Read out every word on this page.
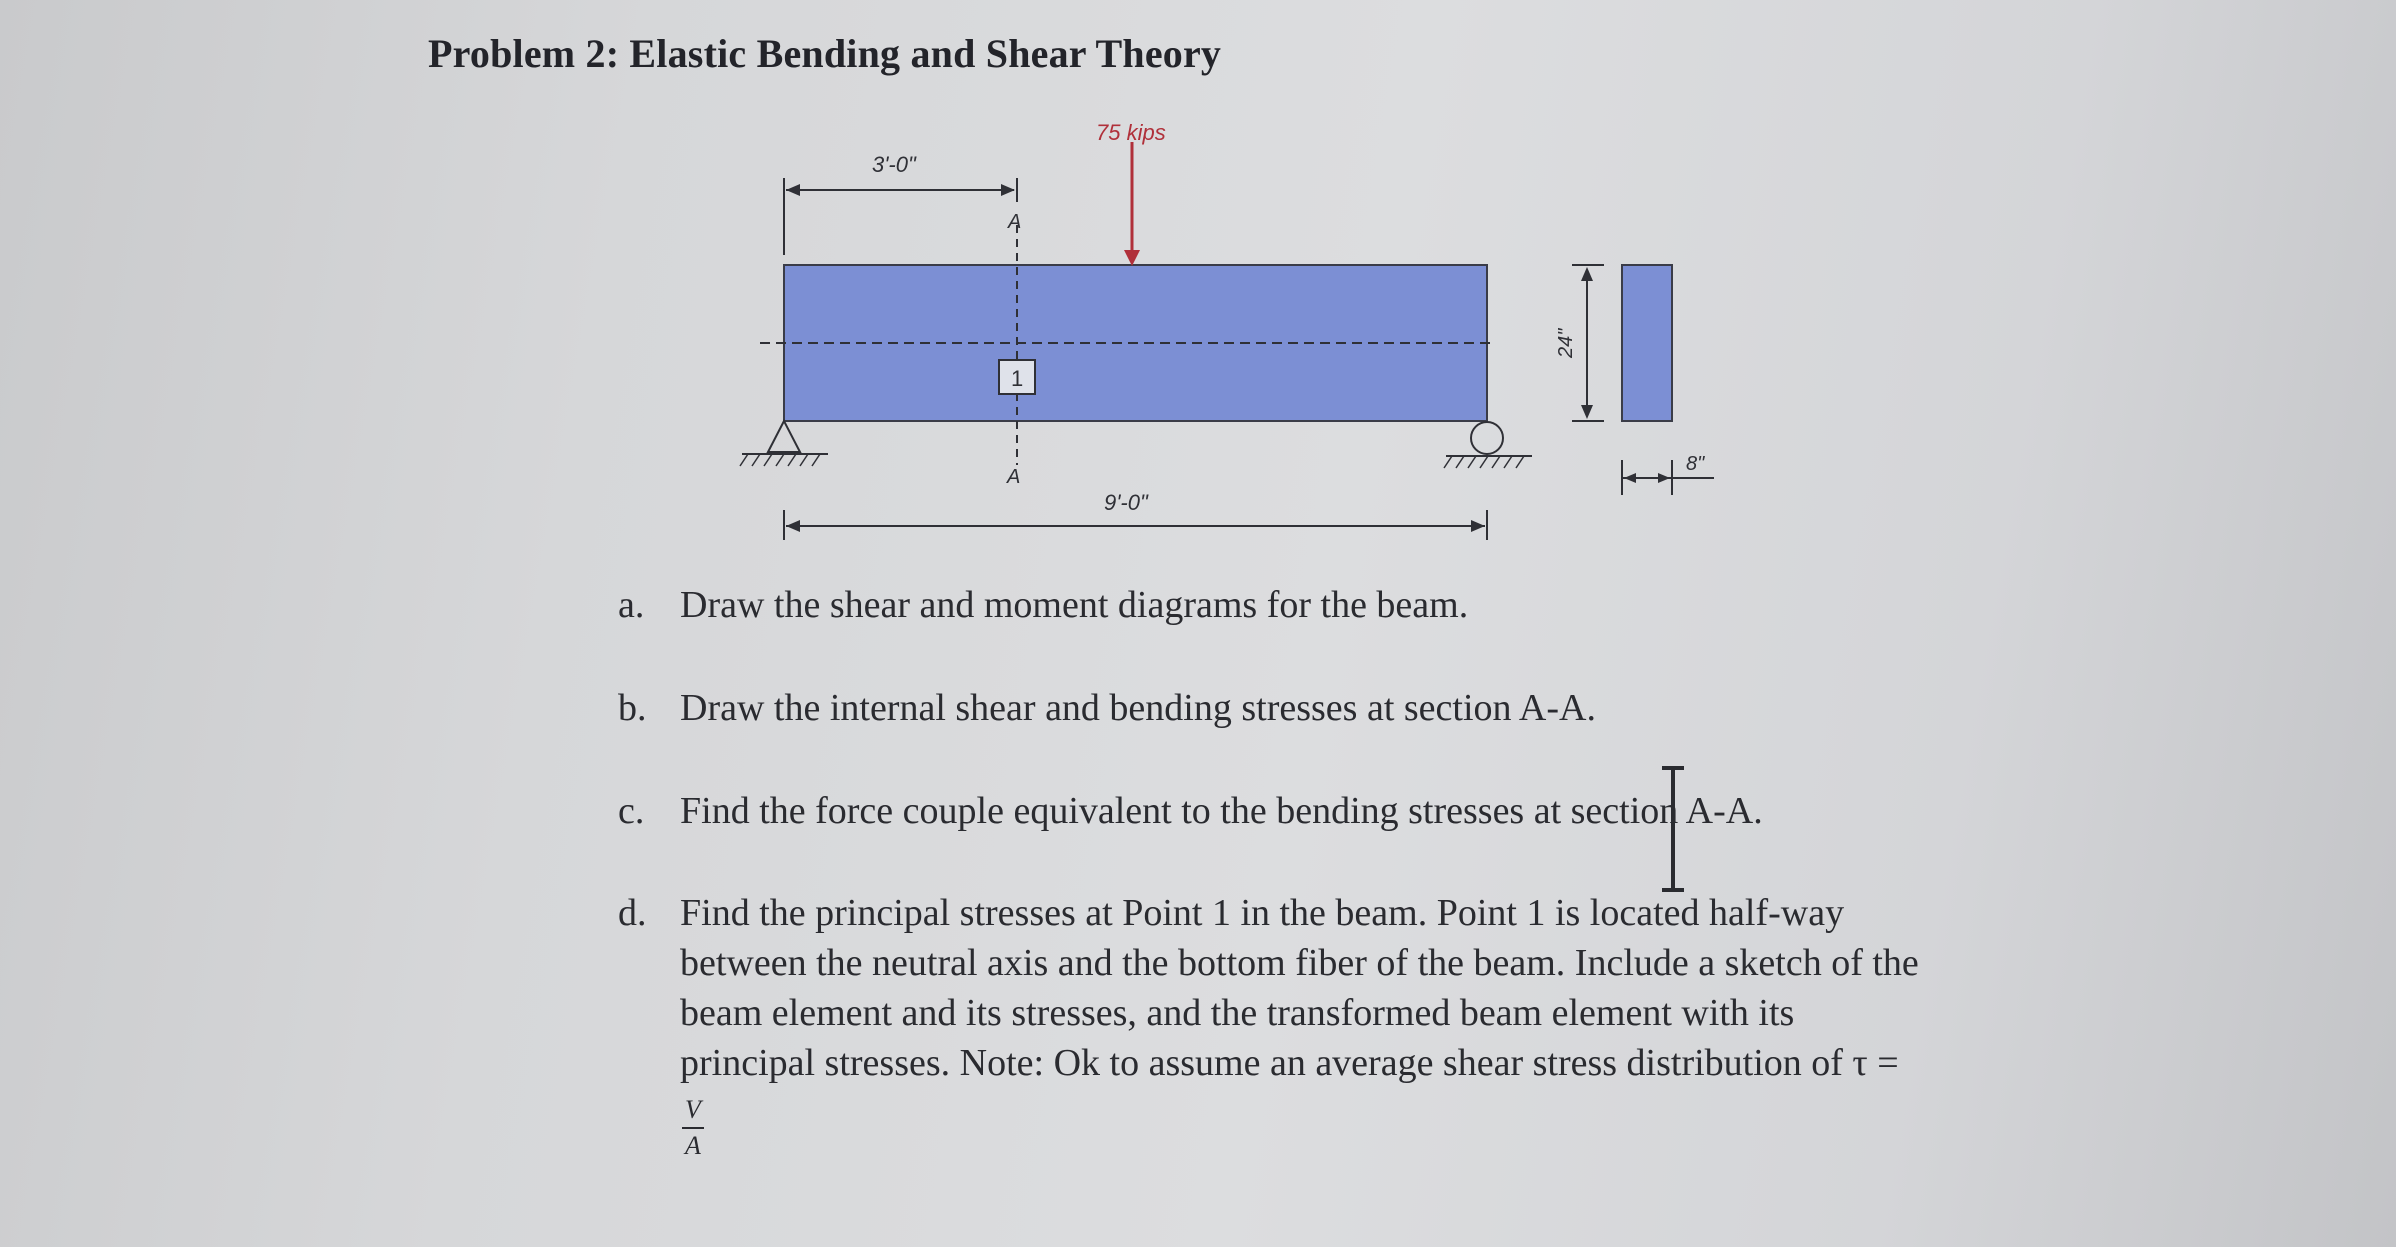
Problem 2: Elastic Bending and Shear Theory
A
A
1
75 kips
3'-0"
9'-0"
24"
8"
a. Draw the shear and moment diagrams for the beam.
b. Draw the internal shear and bending stresses at section A-A.
c. Find the force couple equivalent to the bending stresses at section A-A.
d. Find the principal stresses at Point 1 in the beam. Point 1 is located half-way
between the neutral axis and the bottom fiber of the beam. Include a sketch of the
beam element and its stresses, and the transformed beam element with its
principal stresses. Note: Ok to assume an average shear stress distribution of τ =
V
A
